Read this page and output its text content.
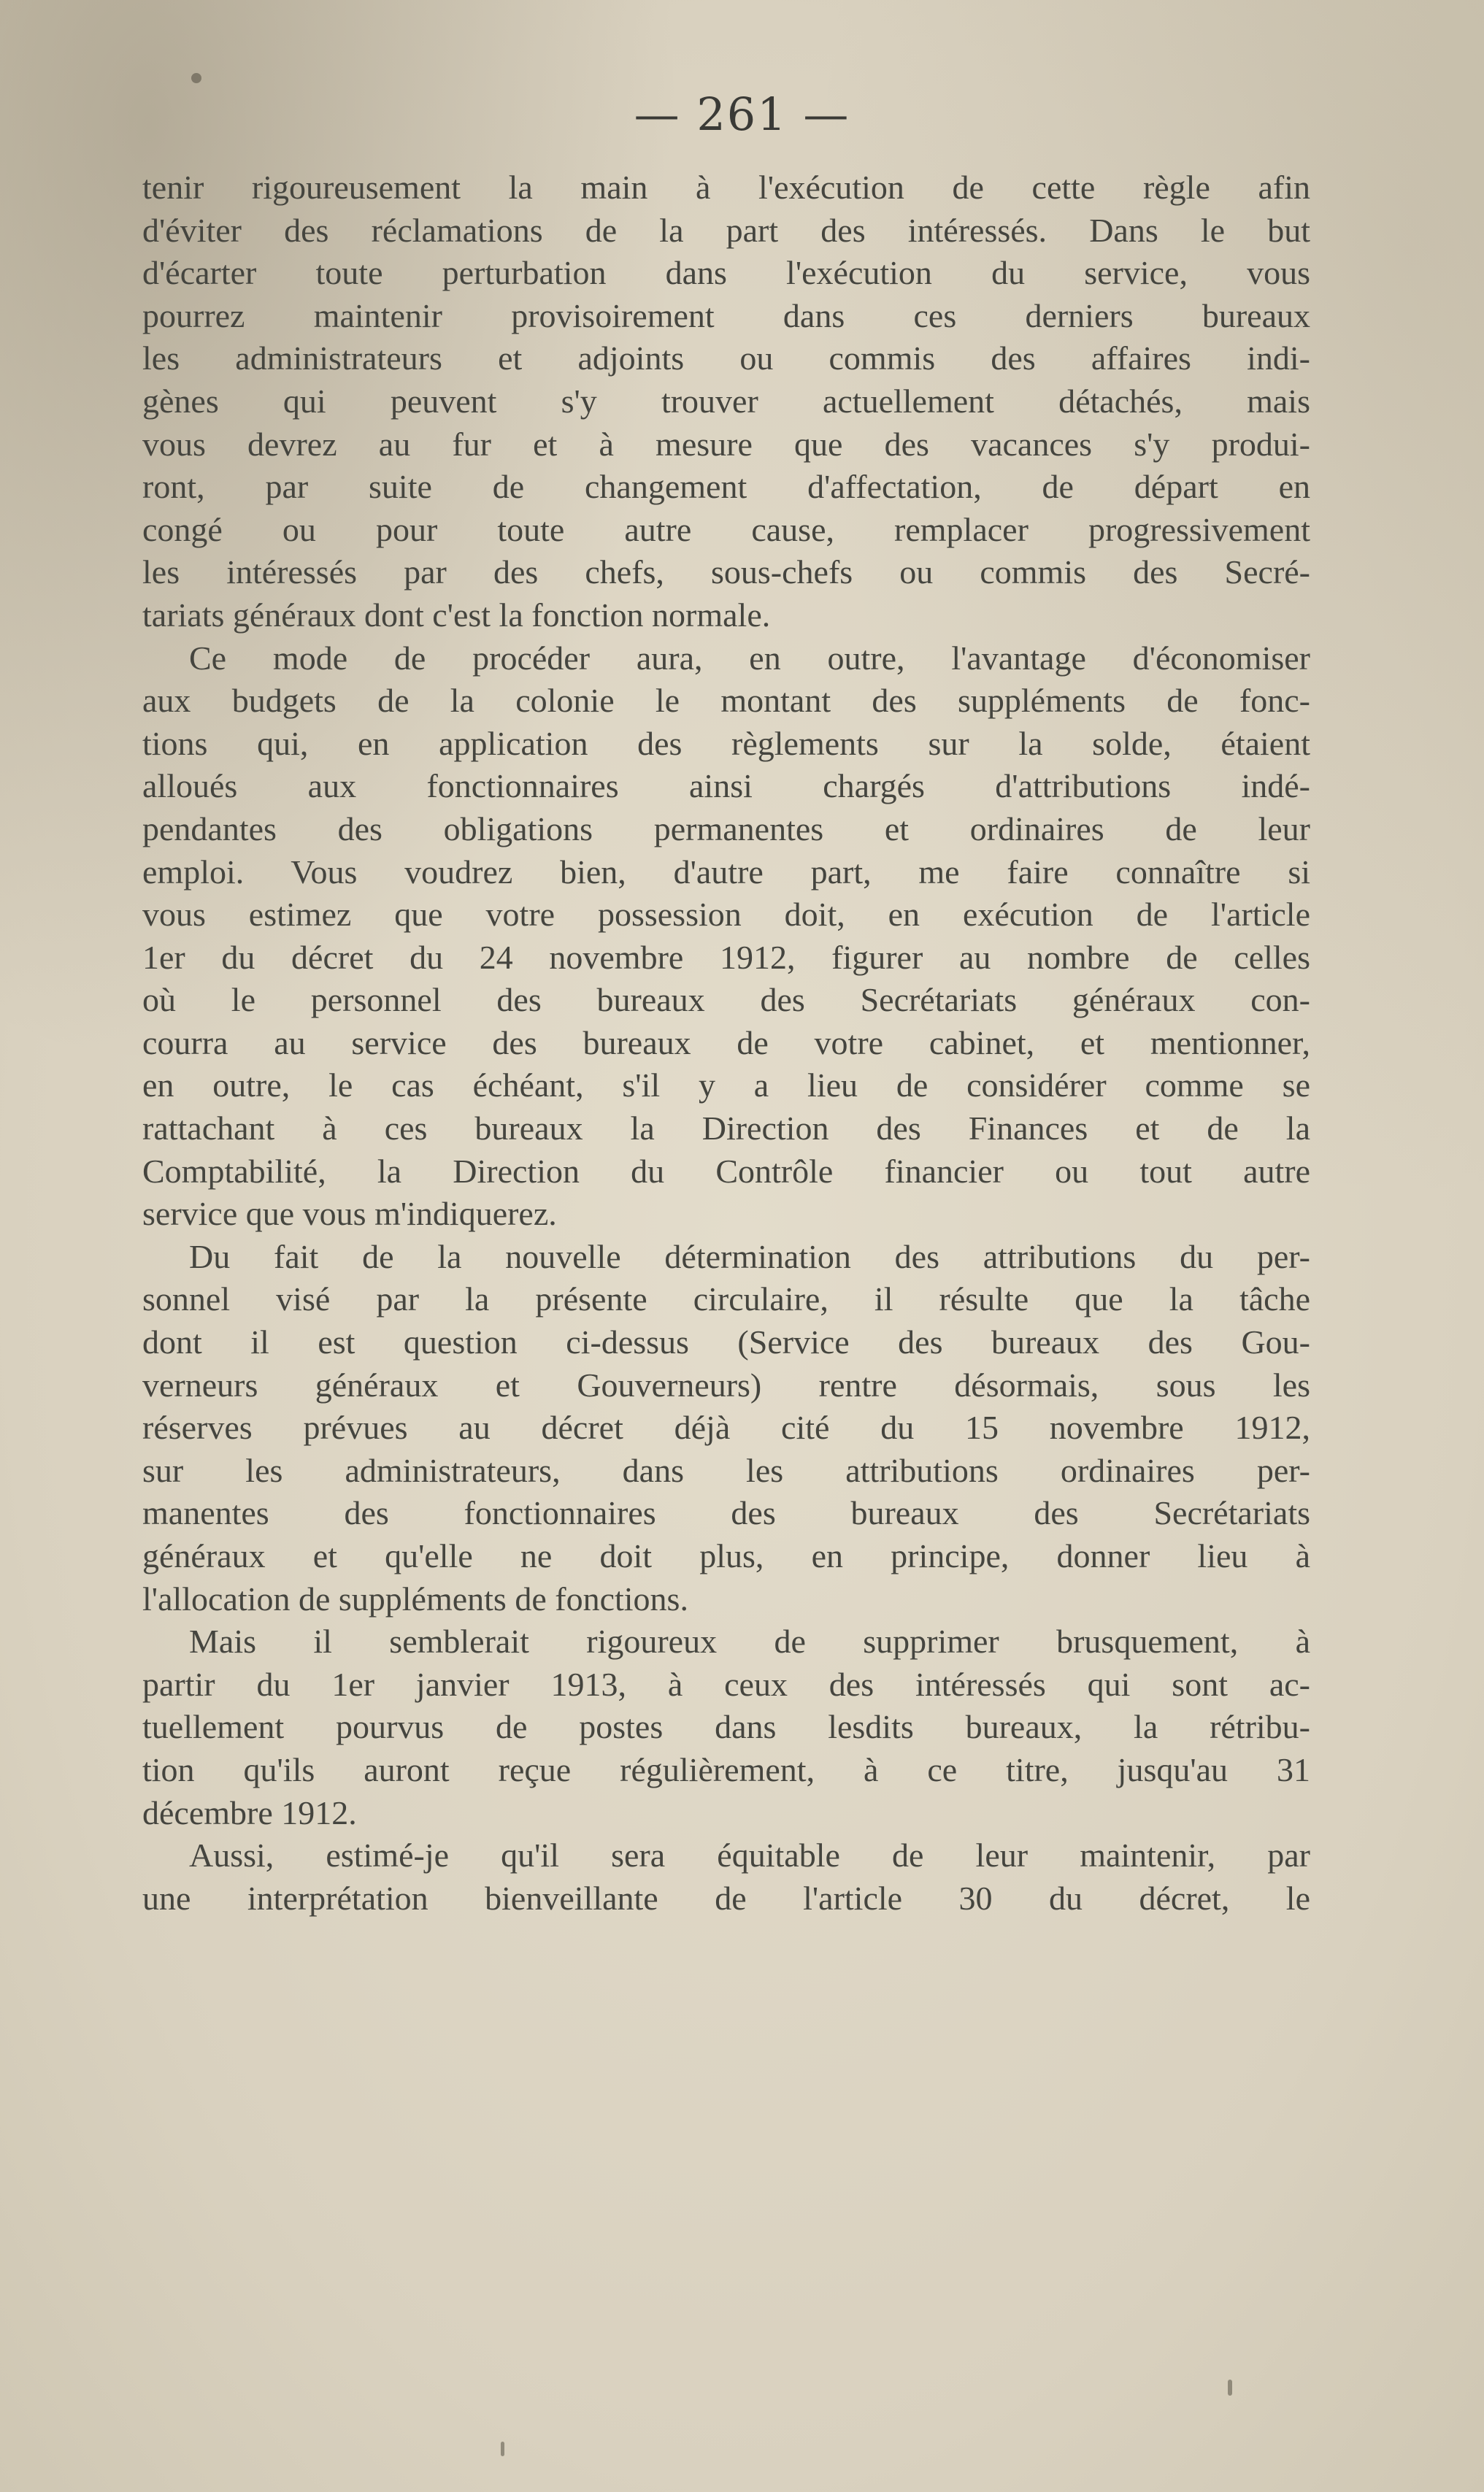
— 261 —
tenir rigoureusement la main à l'exécution de cette règle afin
d'éviter des réclamations de la part des intéressés. Dans le but
d'écarter toute perturbation dans l'exécution du service, vous
pourrez maintenir provisoirement dans ces derniers bureaux
les administrateurs et adjoints ou commis des affaires indi-
gènes qui peuvent s'y trouver actuellement détachés, mais
vous devrez au fur et à mesure que des vacances s'y produi-
ront, par suite de changement d'affectation, de départ en
congé ou pour toute autre cause, remplacer progressivement
les intéressés par des chefs, sous-chefs ou commis des Secré-
tariats généraux dont c'est la fonction normale.
Ce mode de procéder aura, en outre, l'avantage d'économiser
aux budgets de la colonie le montant des suppléments de fonc-
tions qui, en application des règlements sur la solde, étaient
alloués aux fonctionnaires ainsi chargés d'attributions indé-
pendantes des obligations permanentes et ordinaires de leur
emploi. Vous voudrez bien, d'autre part, me faire connaître si
vous estimez que votre possession doit, en exécution de l'article
1er du décret du 24 novembre 1912, figurer au nombre de celles
où le personnel des bureaux des Secrétariats généraux con-
courra au service des bureaux de votre cabinet, et mentionner,
en outre, le cas échéant, s'il y a lieu de considérer comme se
rattachant à ces bureaux la Direction des Finances et de la
Comptabilité, la Direction du Contrôle financier ou tout autre
service que vous m'indiquerez.
Du fait de la nouvelle détermination des attributions du per-
sonnel visé par la présente circulaire, il résulte que la tâche
dont il est question ci-dessus (Service des bureaux des Gou-
verneurs généraux et Gouverneurs) rentre désormais, sous les
réserves prévues au décret déjà cité du 15 novembre 1912,
sur les administrateurs, dans les attributions ordinaires per-
manentes des fonctionnaires des bureaux des Secrétariats
généraux et qu'elle ne doit plus, en principe, donner lieu à
l'allocation de suppléments de fonctions.
Mais il semblerait rigoureux de supprimer brusquement, à
partir du 1er janvier 1913, à ceux des intéressés qui sont ac-
tuellement pourvus de postes dans lesdits bureaux, la rétribu-
tion qu'ils auront reçue régulièrement, à ce titre, jusqu'au 31
décembre 1912.
Aussi, estimé-je qu'il sera équitable de leur maintenir, par
une interprétation bienveillante de l'article 30 du décret, le
